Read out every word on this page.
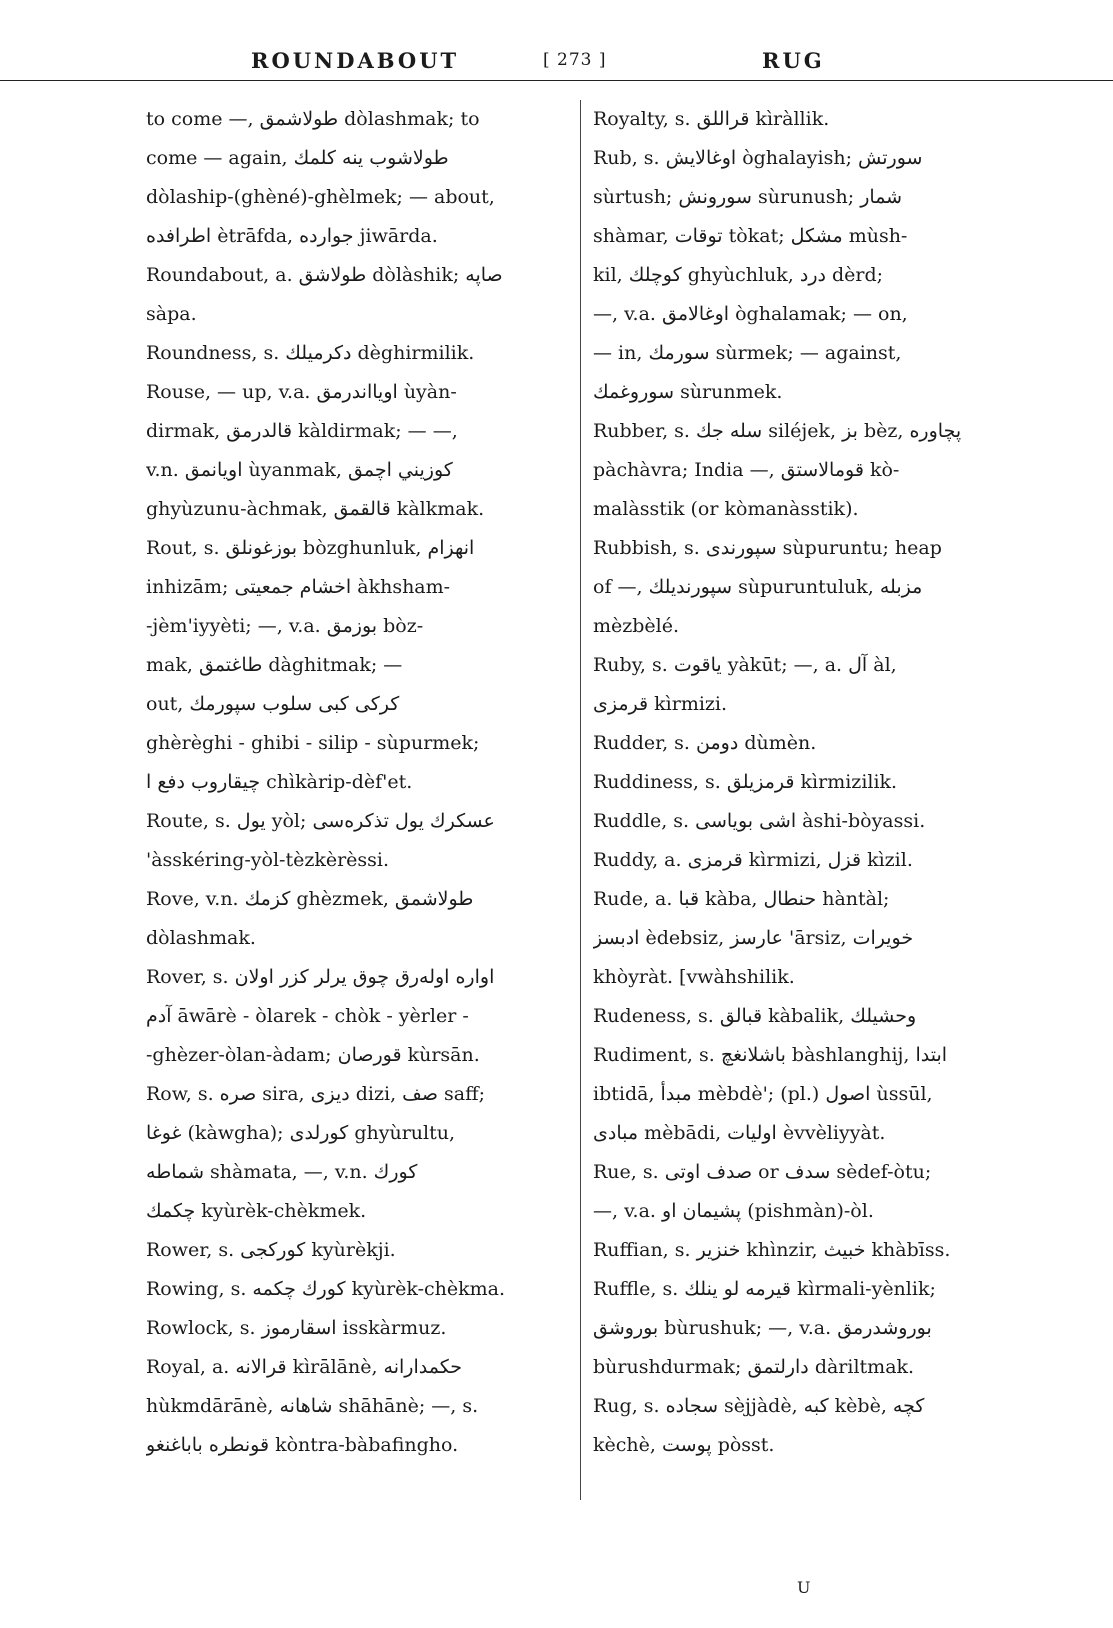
ROUNDABOUT	[ 273 ]	RUG
to come —, طولاشمق dòlashmak; to
come — again, طولاشوب ينه كلمك
dòlaship-(ghèné)-ghèlmek; — about,
اطرافده ètrāfda, جوارده jiwārda.
Roundabout, a. طولاشق dòlàshik; صاپه
sàpa.
Roundness, s. دكرميلك dèghirmilik.
Rouse, — up, v.a. اويااندرمق ùyàn-
dirmak, قالدرمق kàldirmak; — —,
v.n. اويانمق ùyanmak, كوزيني اچمق
ghyùzunu-àchmak, قالقمق kàlkmak.
Rout, s. بوزغونلق bòzghunluk, انهزام
inhizām; اخشام جمعيتى àkhsham-
-jèm'iyyèti; —, v.a. بوزمق bòz-
mak, طاغتمق dàghitmak; —
out, كركى كبى سلوب سپورمك
ghèrèghi - ghibi - silip - sùpurmek;
چيقاروب دفع ا chìkàrip-dèf'et.
Route, s. يول yòl; عسكرك يول تذكرەسى
'àsskéring-yòl-tèzkèrèssi.
Rove, v.n. كزمك ghèzmek, طولاشمق
dòlashmak.
Rover, s. اواره اولەرق چوق يرلر كزر اولان
آدم āwārè - òlarek - chòk - yèrler -
-ghèzer-òlan-àdam; قورصان kùrsān.
Row, s. صره sira, ديزى dizi, صف saff;
غوغا (kàwgha); كورلدى ghyùrultu,
شماطه shàmata, —, v.n. كورك
چكمك kyùrèk-chèkmek.
Rower, s. كوركجى kyùrèkji.
Rowing, s. كورك چكمه kyùrèk-chèkma.
Rowlock, s. اسقارموز isskàrmuz.
Royal, a. قرالانه kìrālānè, حكمدارانه
hùkmdārānè, شاهانه shāhānè; —, s.
قونطره باباغنغو kòntra-bàbafingho.
Royalty, s. قراللق kìràllik.
Rub, s. اوغالايش òghalayish; سورتش
sùrtush; سورونش sùrunush; شمار
shàmar, توقات tòkat; مشكل mùsh-
kil, كوچلك ghyùchluk, درد dèrd;
—, v.a. اوغالامق òghalamak; — on,
— in, سورمك sùrmek; — against,
سوروغمك sùrunmek.
Rubber, s. سله جك siléjek, بز bèz, پچاوره
pàchàvra; India —, قومالاستق kò-
malàsstik (or kòmanàsstik).
Rubbish, s. سپورندى sùpuruntu; heap
of —, سپورنديلك sùpuruntuluk, مزبله
mèzbèlé.
Ruby, s. ياقوت yàkūt; —, a. آل àl,
قرمزى kìrmizi.
Rudder, s. دومن dùmèn.
Ruddiness, s. قرمزيلق kìrmizilik.
Ruddle, s. اشى بوياسى àshi-bòyassi.
Ruddy, a. قرمزى kìrmizi, قزل kìzil.
Rude, a. قبا kàba, حنطال hàntàl;
ادبسز èdebsiz, عارسز 'ārsiz, خويرات
khòyràt. [vwàhshilik.
Rudeness, s. قبالق kàbalik, وحشيلك
Rudiment, s. باشلانغچ bàshlanghij, ابتدا
ibtidā, مبدأ mèbdè'; (pl.) اصول ùssūl,
مبادى mèbādi, اوليات èvvèliyyàt.
Rue, s. صدف اوتى or سدف sèdef-òtu;
—, v.a. پشيمان او (pishmàn)-òl.
Ruffian, s. خنزير khìnzir, خبيث khàbīss.
Ruffle, s. قيرمه لو ينلك kìrmali-yènlik;
بوروشق bùrushuk; —, v.a. بوروشدرمق
bùrushdurmak; دارلتمق dàriltmak.
Rug, s. سجاده sèjjàdè, كبه kèbè, كچه
kèchè, پوست pòsst.
U
